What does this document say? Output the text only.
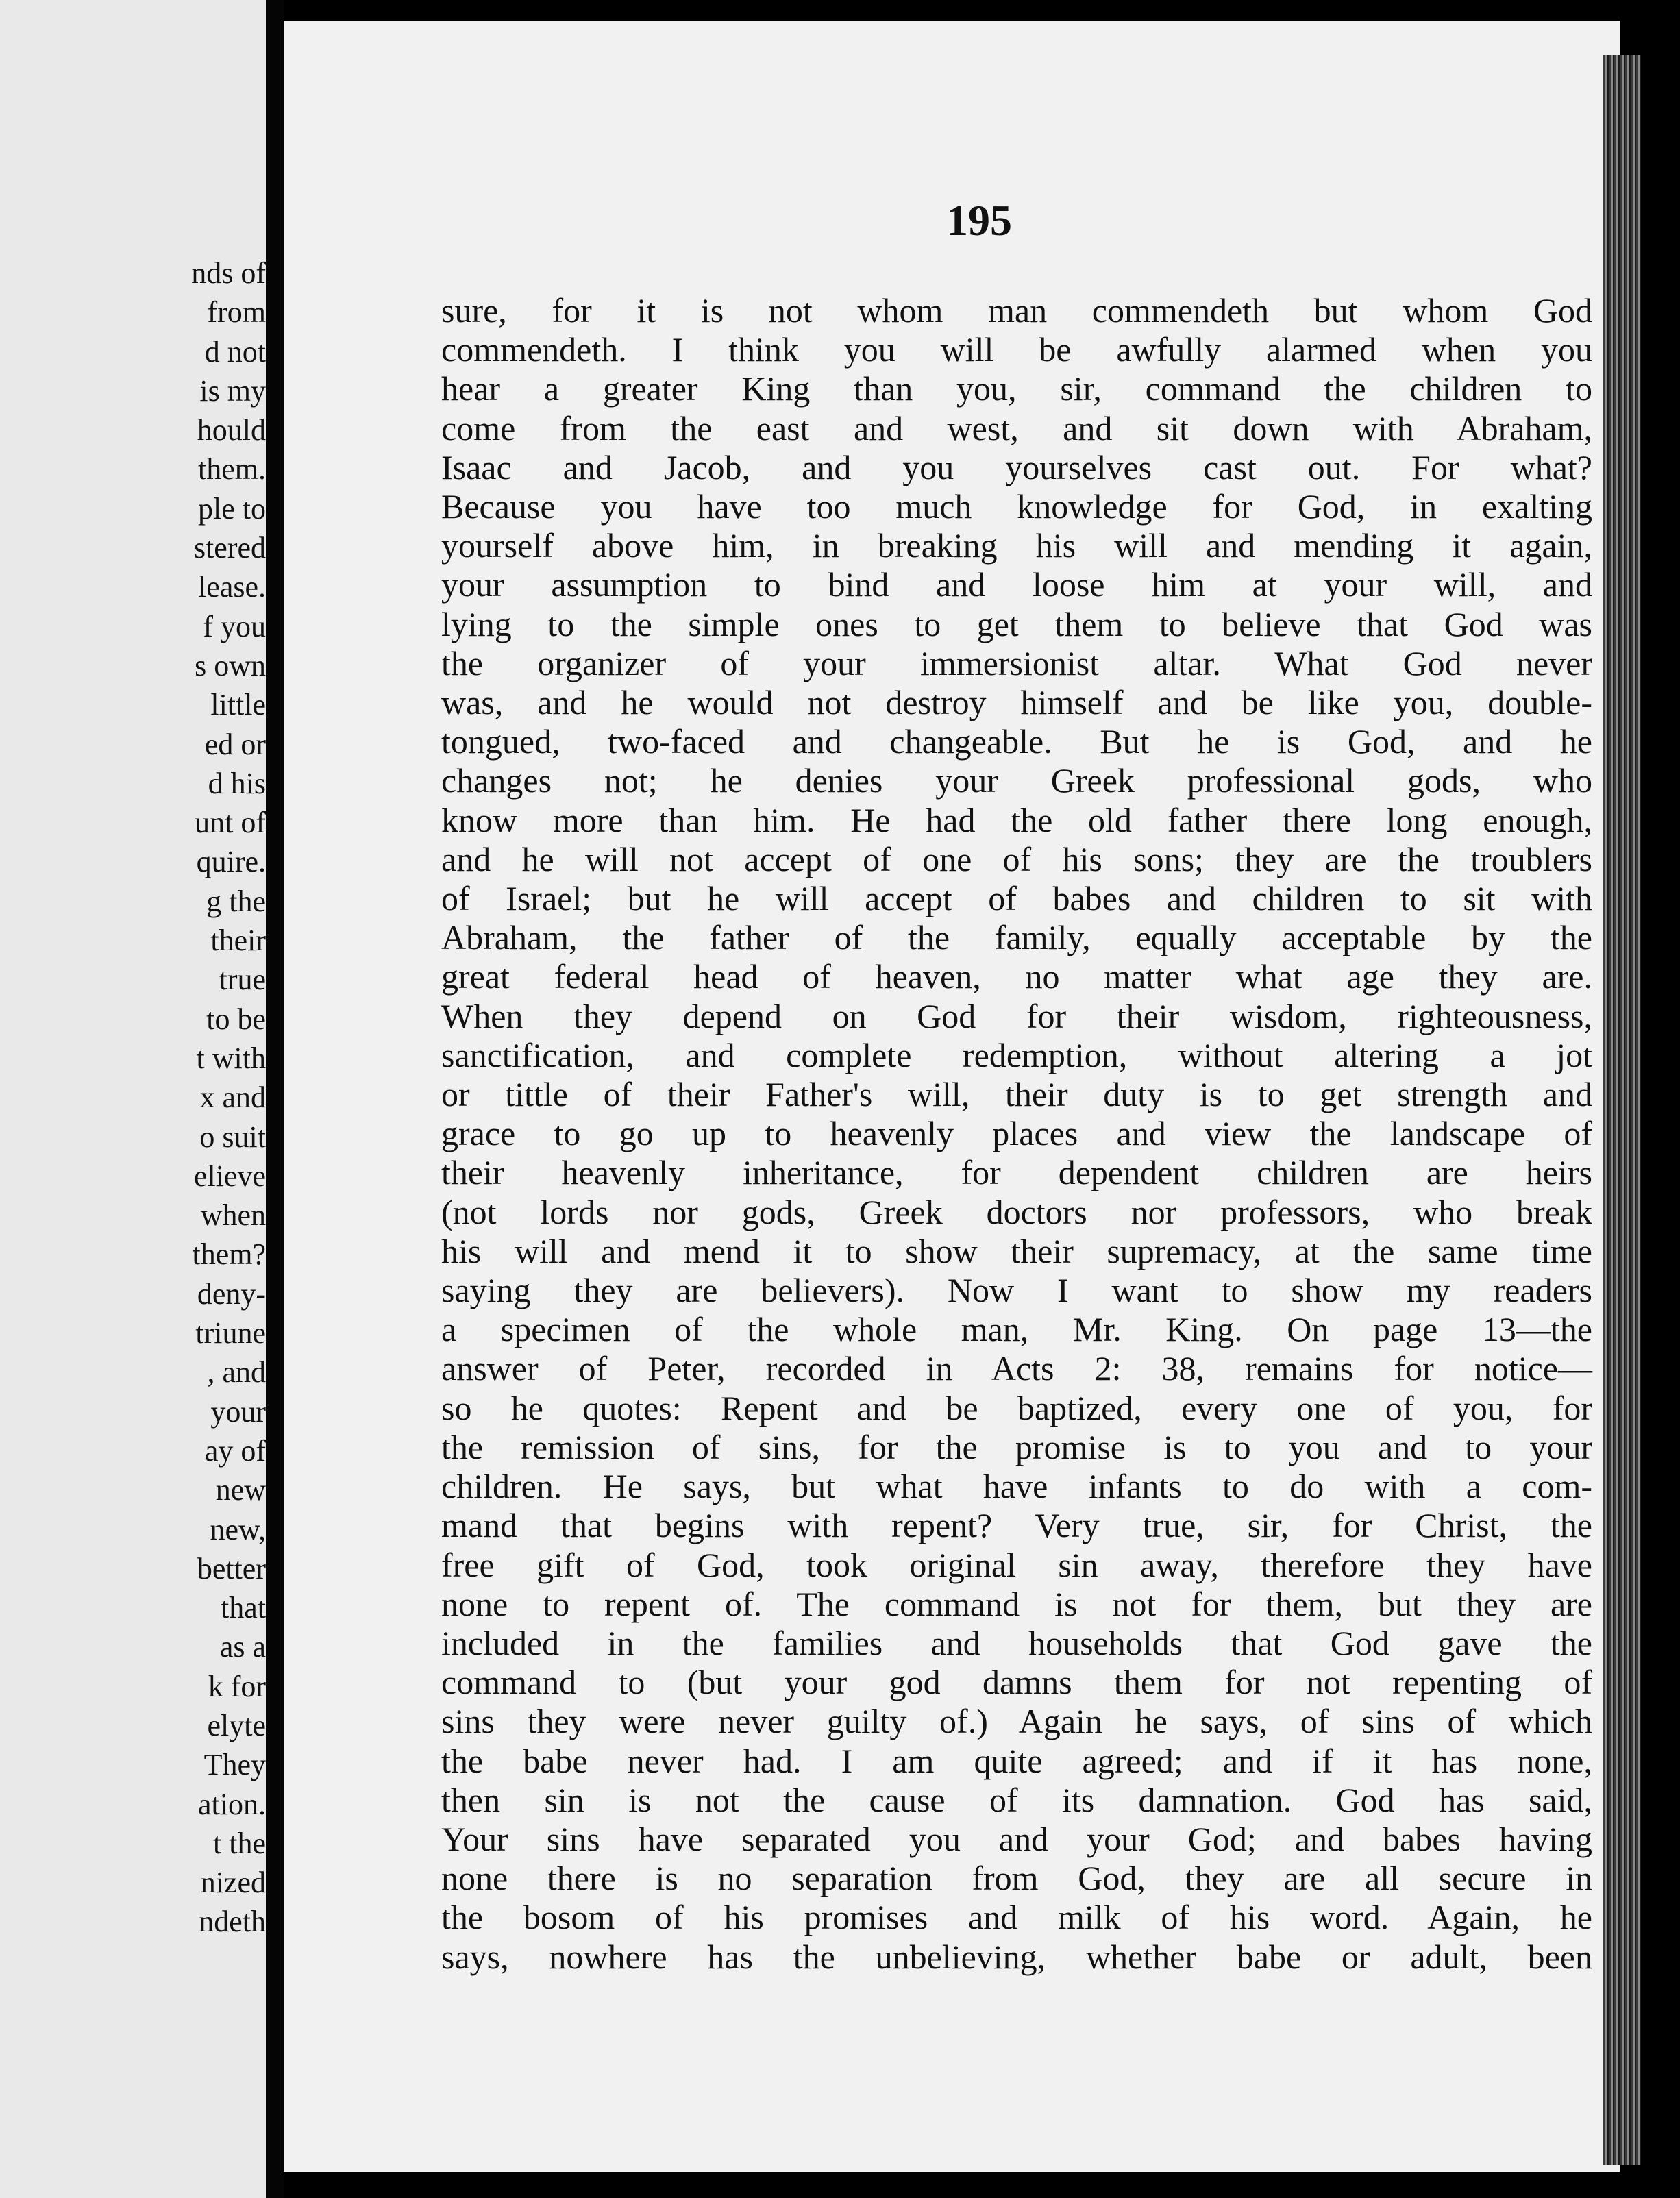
nds of
from
d not
is my
hould
them.
ple to
stered
lease.
f you
s own
little
ed or
d his
unt of
quire.
g the
their
true
to be
t with
x and
o suit
elieve
when
them?
deny-
triune
, and
your
ay of
new
new,
better
that
as a
k for
elyte
They
ation.
t the
nized
ndeth
195
sure, for it is not whom man commendeth but whom God
commendeth. I think you will be awfully alarmed when you
hear a greater King than you, sir, command the children to
come from the east and west, and sit down with Abraham,
Isaac and Jacob, and you yourselves cast out. For what?
Because you have too much knowledge for God, in exalting
yourself above him, in breaking his will and mending it again,
your assumption to bind and loose him at your will, and
lying to the simple ones to get them to believe that God was
the organizer of your immersionist altar. What God never
was, and he would not destroy himself and be like you, double-
tongued, two-faced and changeable. But he is God, and he
changes not; he denies your Greek professional gods, who
know more than him. He had the old father there long enough,
and he will not accept of one of his sons; they are the troublers
of Israel; but he will accept of babes and children to sit with
Abraham, the father of the family, equally acceptable by the
great federal head of heaven, no matter what age they are.
When they depend on God for their wisdom, righteousness,
sanctification, and complete redemption, without altering a jot
or tittle of their Father's will, their duty is to get strength and
grace to go up to heavenly places and view the landscape of
their heavenly inheritance, for dependent children are heirs
(not lords nor gods, Greek doctors nor professors, who break
his will and mend it to show their supremacy, at the same time
saying they are believers). Now I want to show my readers
a specimen of the whole man, Mr. King. On page 13—the
answer of Peter, recorded in Acts 2: 38, remains for notice—
so he quotes: Repent and be baptized, every one of you, for
the remission of sins, for the promise is to you and to your
children. He says, but what have infants to do with a com-
mand that begins with repent? Very true, sir, for Christ, the
free gift of God, took original sin away, therefore they have
none to repent of. The command is not for them, but they are
included in the families and households that God gave the
command to (but your god damns them for not repenting of
sins they were never guilty of.) Again he says, of sins of which
the babe never had. I am quite agreed; and if it has none,
then sin is not the cause of its damnation. God has said,
Your sins have separated you and your God; and babes having
none there is no separation from God, they are all secure in
the bosom of his promises and milk of his word. Again, he
says, nowhere has the unbelieving, whether babe or adult, been
